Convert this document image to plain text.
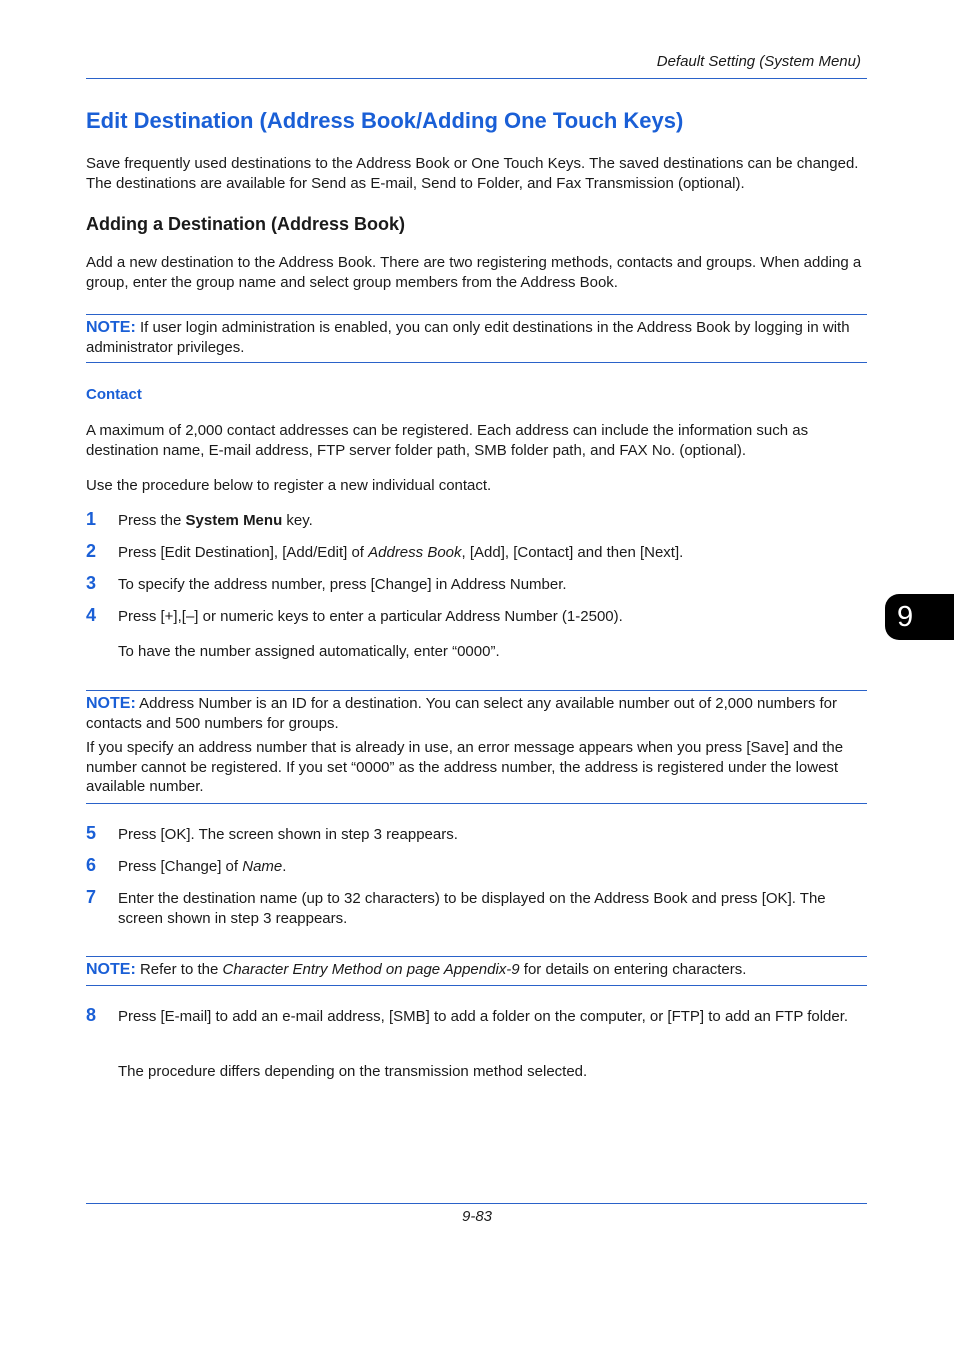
Default Setting (System Menu)
Edit Destination (Address Book/Adding One Touch Keys)
Save frequently used destinations to the Address Book or One Touch Keys. The saved destinations can be changed. The destinations are available for Send as E-mail, Send to Folder, and Fax Transmission (optional).
Adding a Destination (Address Book)
Add a new destination to the Address Book. There are two registering methods, contacts and groups. When adding a group, enter the group name and select group members from the Address Book.
NOTE: If user login administration is enabled, you can only edit destinations in the Address Book by logging in with administrator privileges.
Contact
A maximum of 2,000 contact addresses can be registered. Each address can include the information such as destination name, E-mail address, FTP server folder path, SMB folder path, and FAX No. (optional).
Use the procedure below to register a new individual contact.
1 Press the System Menu key.
2 Press [Edit Destination], [Add/Edit] of Address Book, [Add], [Contact] and then [Next].
3 To specify the address number, press [Change] in Address Number.
4 Press [+],[–] or numeric keys to enter a particular Address Number (1-2500).
To have the number assigned automatically, enter “0000”.
NOTE: Address Number is an ID for a destination. You can select any available number out of 2,000 numbers for contacts and 500 numbers for groups.
If you specify an address number that is already in use, an error message appears when you press [Save] and the number cannot be registered. If you set “0000” as the address number, the address is registered under the lowest available number.
5 Press [OK]. The screen shown in step 3 reappears.
6 Press [Change] of Name.
7 Enter the destination name (up to 32 characters) to be displayed on the Address Book and press [OK]. The screen shown in step 3 reappears.
NOTE: Refer to the Character Entry Method on page Appendix-9 for details on entering characters.
8 Press [E-mail] to add an e-mail address, [SMB] to add a folder on the computer, or [FTP] to add an FTP folder.
The procedure differs depending on the transmission method selected.
9
9-83
